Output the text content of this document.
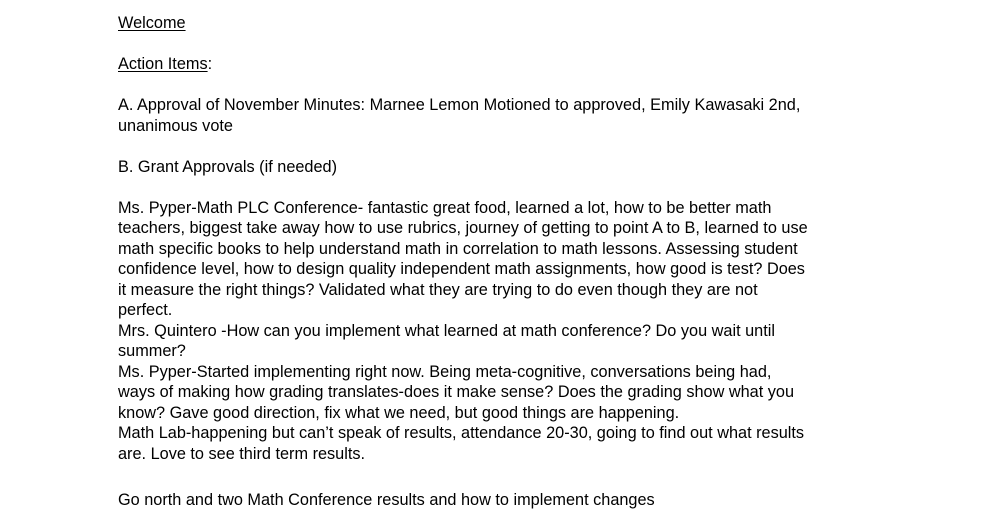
Welcome
Action Items:
A. Approval of November Minutes: Marnee Lemon Motioned to approved, Emily Kawasaki 2nd,
unanimous vote
B. Grant Approvals (if needed)
Ms. Pyper-Math PLC Conference- fantastic great food, learned a lot, how to be better math
teachers, biggest take away how to use rubrics, journey of getting to point A to B, learned to use
math specific books to help understand math in correlation to math lessons. Assessing student
confidence level, how to design quality independent math assignments, how good is test? Does
it measure the right things? Validated what they are trying to do even though they are not
perfect.
Mrs. Quintero -How can you implement what learned at math conference? Do you wait until
summer?
Ms. Pyper-Started implementing right now. Being meta-cognitive, conversations being had,
ways of making how grading translates-does it make sense? Does the grading show what you
know? Gave good direction, fix what we need, but good things are happening.
Math Lab-happening but can’t speak of results, attendance 20-30, going to find out what results
are. Love to see third term results.
Go north and two Math Conference results and how to implement changes
